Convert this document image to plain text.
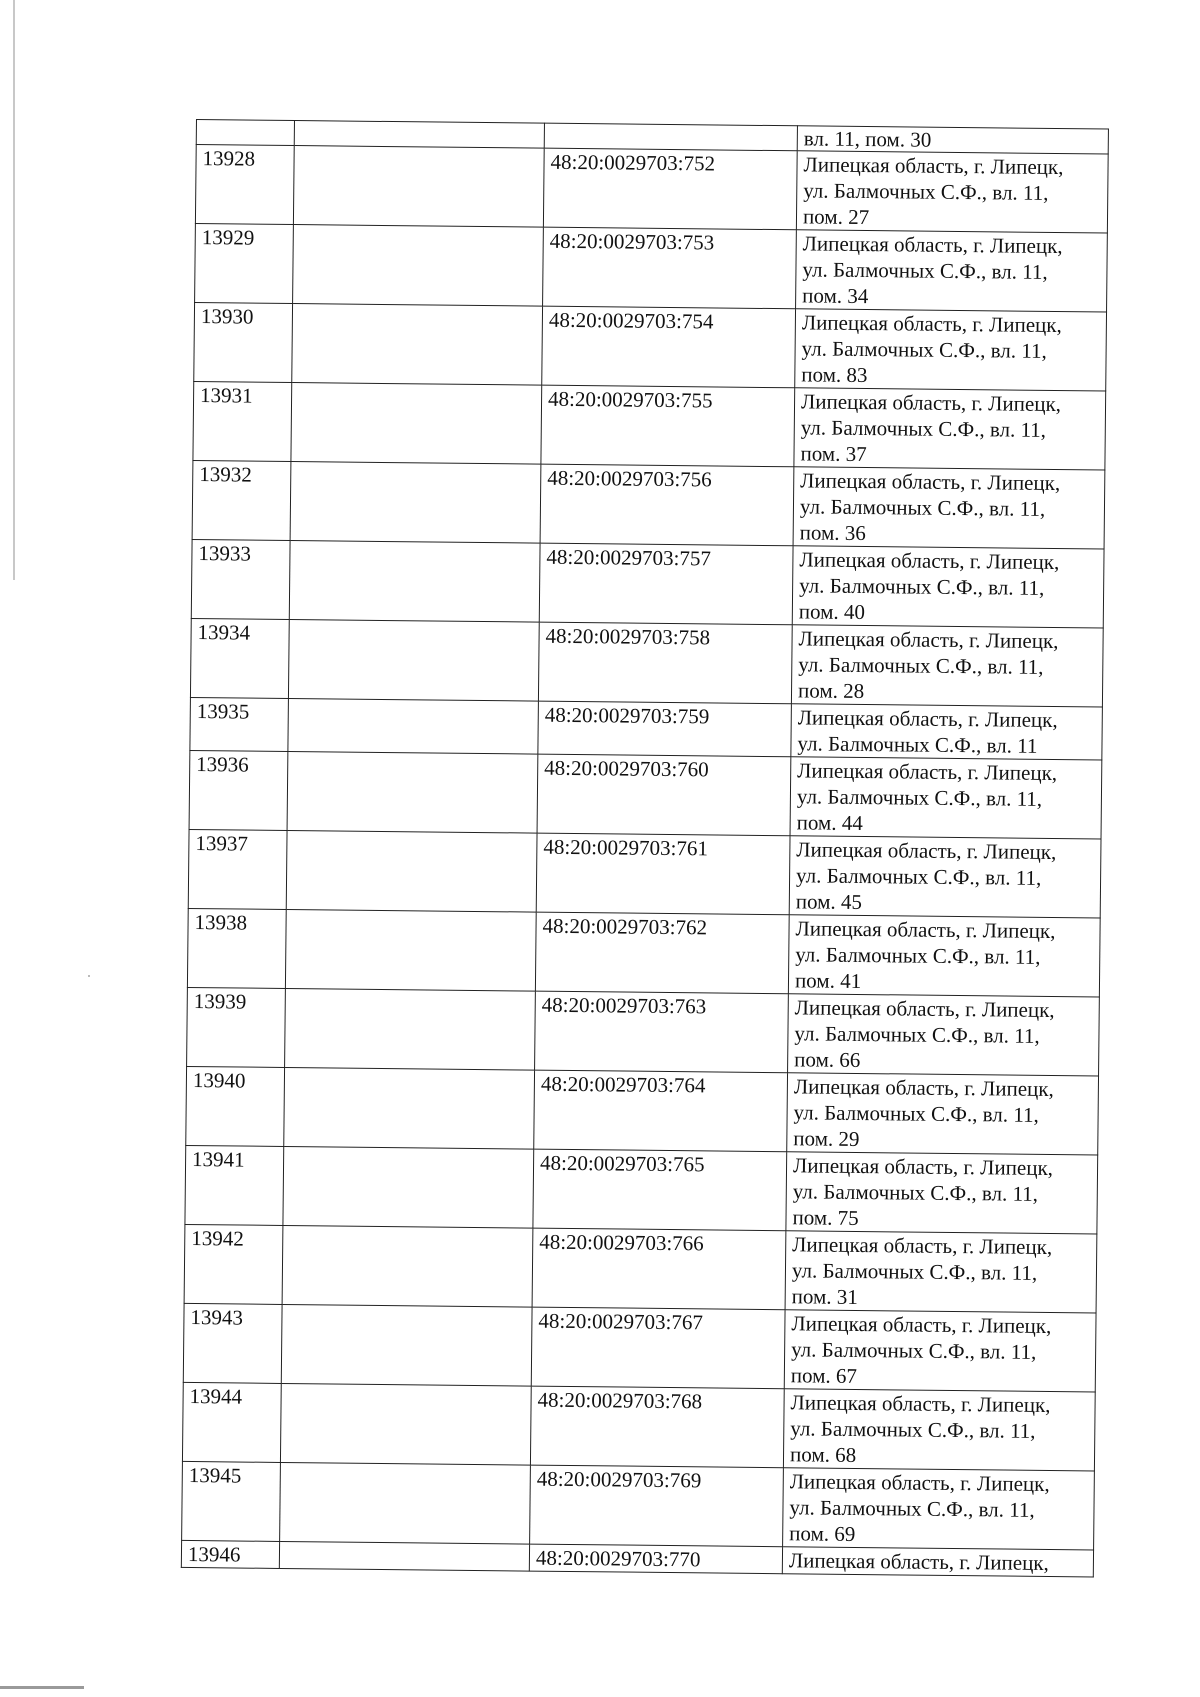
			вл. 11, пом. 30
13928		48:20:0029703:752	Липецкая область, г. Липецк,
ул. Балмочных С.Ф., вл. 11,
пом. 27

13929		48:20:0029703:753	Липецкая область, г. Липецк,
ул. Балмочных С.Ф., вл. 11,
пом. 34

13930		48:20:0029703:754	Липецкая область, г. Липецк,
ул. Балмочных С.Ф., вл. 11,
пом. 83

13931		48:20:0029703:755	Липецкая область, г. Липецк,
ул. Балмочных С.Ф., вл. 11,
пом. 37

13932		48:20:0029703:756	Липецкая область, г. Липецк,
ул. Балмочных С.Ф., вл. 11,
пом. 36

13933		48:20:0029703:757	Липецкая область, г. Липецк,
ул. Балмочных С.Ф., вл. 11,
пом. 40

13934		48:20:0029703:758	Липецкая область, г. Липецк,
ул. Балмочных С.Ф., вл. 11,
пом. 28

13935		48:20:0029703:759	Липецкая область, г. Липецк,
ул. Балмочных С.Ф., вл. 11

13936		48:20:0029703:760	Липецкая область, г. Липецк,
ул. Балмочных С.Ф., вл. 11,
пом. 44

13937		48:20:0029703:761	Липецкая область, г. Липецк,
ул. Балмочных С.Ф., вл. 11,
пом. 45

13938		48:20:0029703:762	Липецкая область, г. Липецк,
ул. Балмочных С.Ф., вл. 11,
пом. 41

13939		48:20:0029703:763	Липецкая область, г. Липецк,
ул. Балмочных С.Ф., вл. 11,
пом. 66

13940		48:20:0029703:764	Липецкая область, г. Липецк,
ул. Балмочных С.Ф., вл. 11,
пом. 29

13941		48:20:0029703:765	Липецкая область, г. Липецк,
ул. Балмочных С.Ф., вл. 11,
пом. 75

13942		48:20:0029703:766	Липецкая область, г. Липецк,
ул. Балмочных С.Ф., вл. 11,
пом. 31

13943		48:20:0029703:767	Липецкая область, г. Липецк,
ул. Балмочных С.Ф., вл. 11,
пом. 67

13944		48:20:0029703:768	Липецкая область, г. Липецк,
ул. Балмочных С.Ф., вл. 11,
пом. 68

13945		48:20:0029703:769	Липецкая область, г. Липецк,
ул. Балмочных С.Ф., вл. 11,
пом. 69

13946		48:20:0029703:770	Липецкая область, г. Липецк,
